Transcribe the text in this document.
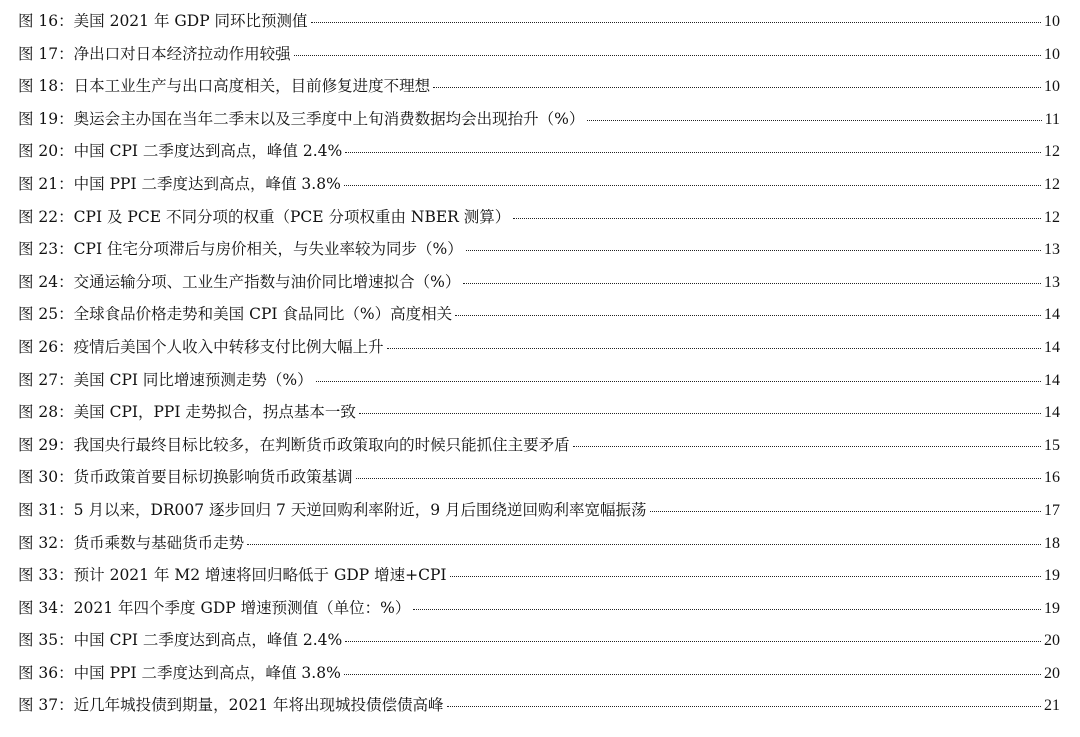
图 16： 美国 2021 年 GDP 同环比预测值	10
图 17： 净出口对日本经济拉动作用较强	10
图 18： 日本工业生产与出口高度相关，目前修复进度不理想	10
图 19： 奥运会主办国在当年二季末以及三季度中上旬消费数据均会出现抬升（%）	11
图 20： 中国 CPI 二季度达到高点，峰值 2.4%	12
图 21： 中国 PPI 二季度达到高点，峰值 3.8%	12
图 22： CPI 及 PCE 不同分项的权重（PCE 分项权重由 NBER 测算）	12
图 23： CPI 住宅分项滞后与房价相关，与失业率较为同步（%）	13
图 24： 交通运输分项、工业生产指数与油价同比增速拟合（%）	13
图 25： 全球食品价格走势和美国 CPI 食品同比（%）高度相关	14
图 26： 疫情后美国个人收入中转移支付比例大幅上升	14
图 27： 美国 CPI 同比增速预测走势（%）	14
图 28： 美国 CPI，PPI 走势拟合，拐点基本一致	14
图 29： 我国央行最终目标比较多，在判断货币政策取向的时候只能抓住主要矛盾	15
图 30： 货币政策首要目标切换影响货币政策基调	16
图 31： 5 月以来，DR007 逐步回归 7 天逆回购利率附近，9 月后围绕逆回购利率宽幅振荡	17
图 32： 货币乘数与基础货币走势	18
图 33： 预计 2021 年 M2 增速将回归略低于 GDP 增速+CPI	19
图 34： 2021 年四个季度 GDP 增速预测值（单位：%）	19
图 35： 中国 CPI 二季度达到高点，峰值 2.4%	20
图 36： 中国 PPI 二季度达到高点，峰值 3.8%	20
图 37： 近几年城投债到期量，2021 年将出现城投债偿债高峰	21
